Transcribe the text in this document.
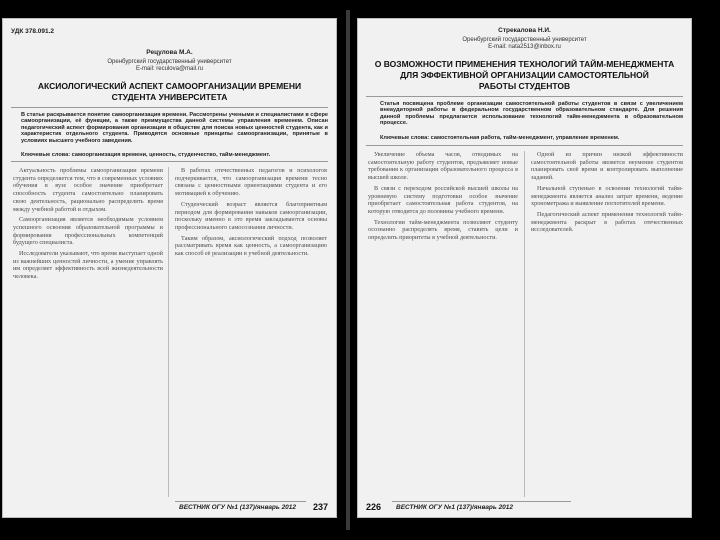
УДК 378.091.2
Рецулова М.А.
Оренбургский государственный университет
E-mail: reculova@mail.ru
АКСИОЛОГИЧЕСКИЙ АСПЕКТ САМООРГАНИЗАЦИИ ВРЕМЕНИ
СТУДЕНТА УНИВЕРСИТЕТА
В статье раскрывается понятие самоорганизация времени. Рассмотрены учеными и специалистами в сфере самоорганизации, её функции, а также преимущества данной системы управления временем. Описан педагогический аспект формирования организации в обществе для поиска новых ценностей студента, как и характеристик отдельного студента. Приводятся основные принципы самоорганизации, принятые в условиях высшего учебного заведения.
Ключевые слова: самоорганизация времени, ценность, студенчество, тайм-менеджмент.

Актуальность проблемы самоорганизации времени студента определяется тем, что в современных условиях обучения в вузе особое значение приобретает способность студента самостоятельно планировать свою деятельность, рационально распределять время между учебной работой и отдыхом.

Самоорганизация является необходимым условием успешного освоения образовательной программы и формирования профессиональных компетенций будущего специалиста.

Исследователи указывают, что время выступает одной из важнейших ценностей личности, а умение управлять им определяет эффективность всей жизнедеятельности человека.

В работах отечественных педагогов и психологов подчеркивается, что самоорганизация времени тесно связана с ценностными ориентациями студента и его мотивацией к обучению.

Студенческий возраст является благоприятным периодом для формирования навыков самоорганизации, поскольку именно в это время закладываются основы профессионального самосознания личности.

Таким образом, аксиологический подход позволяет рассматривать время как ценность, а самоорганизацию как способ её реализации в учебной деятельности.

ВЕСТНИК ОГУ №1 (137)/январь 2012 237
Стрекалова Н.И.
Оренбургский государственный университет
E-mail: nata2513@inbox.ru
О ВОЗМОЖНОСТИ ПРИМЕНЕНИЯ ТЕХНОЛОГИЙ ТАЙМ-МЕНЕДЖМЕНТА
ДЛЯ ЭФФЕКТИВНОЙ ОРГАНИЗАЦИИ САМОСТОЯТЕЛЬНОЙ
РАБОТЫ СТУДЕНТОВ
Статья посвящена проблеме организации самостоятельной работы студентов в связи с увеличением внеаудиторной работы в федеральном государственном образовательном стандарте. Для решения данной проблемы предлагается использование технологий тайм-менеджмента в образовательном процессе.
Ключевые слова: самостоятельная работа, тайм-менеджмент, управление временем.

Увеличение объема часов, отводимых на самостоятельную работу студентов, предъявляет новые требования к организации образовательного процесса в высшей школе.

В связи с переходом российской высшей школы на уровневую систему подготовки особое значение приобретает самостоятельная работа студентов, на которую отводится до половины учебного времени.

Технологии тайм-менеджмента позволяют студенту осознанно распределять время, ставить цели и определять приоритеты в учебной деятельности.

Одной из причин низкой эффективности самостоятельной работы является неумение студентов планировать своё время и контролировать выполнение заданий.

Начальной ступенью в освоении технологий тайм-менеджмента является анализ затрат времени, ведение хронометража и выявление поглотителей времени.

Педагогический аспект применения технологий тайм-менеджмента раскрыт в работах отечественных исследователей.

226 ВЕСТНИК ОГУ №1 (137)/январь 2012
